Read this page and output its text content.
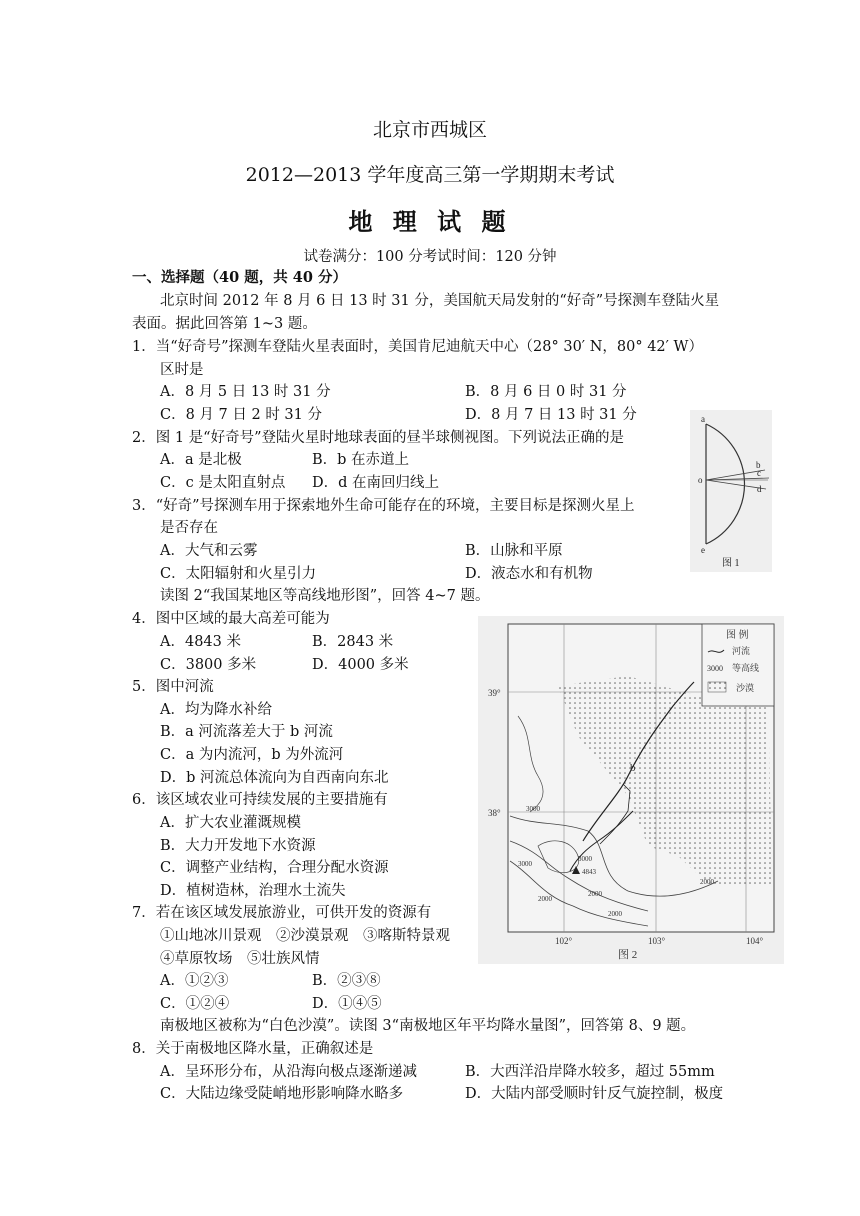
北京市西城区
2012—2013 学年度高三第一学期期末考试
地 理 试 题
试卷满分：100 分考试时间：120 分钟
一、选择题（40 题，共 40 分）
北京时间 2012 年 8 月 6 日 13 时 31 分，美国航天局发射的“好奇”号探测车登陆火星
表面。据此回答第 1~3 题。
1．当“好奇号”探测车登陆火星表面时，美国肯尼迪航天中心（28° 30′ N，80° 42′ W）
区时是
A．8 月 5 日 13 时 31 分	B．8 月 6 日 0 时 31 分
C．8 月 7 日 2 时 31 分	D．8 月 7 日 13 时 31 分
2．图 1 是“好奇号”登陆火星时地球表面的昼半球侧视图。下列说法正确的是
A．a 是北极	B．b 在赤道上
C．c 是太阳直射点 D．d 在南回归线上
3．“好奇”号探测车用于探索地外生命可能存在的环境，主要目标是探测火星上
是否存在
A．大气和云雾	B．山脉和平原
C．太阳辐射和火星引力	D．液态水和有机物
读图 2“我国某地区等高线地形图”，回答 4~7 题。
4．图中区域的最大高差可能为
A．4843 米	B．2843 米
C．3800 多米	D．4000 多米
5．图中河流
A．均为降水补给
B．a 河流落差大于 b 河流
C．a 为内流河，b 为外流河
D．b 河流总体流向为自西南向东北
6．该区域农业可持续发展的主要措施有
A．扩大农业灌溉规模
B．大力开发地下水资源
C．调整产业结构，合理分配水资源
D．植树造林，治理水土流失
7．若在该区域发展旅游业，可供开发的资源有
①山地冰川景观　②沙漠景观　③喀斯特景观
④草原牧场　⑤壮族风情
A．①②③	B．②③⑧
C．①②④	D．①④⑤
南极地区被称为“白色沙漠”。读图 3“南极地区年平均降水量图”，回答第 8、9 题。
8．关于南极地区降水量，正确叙述是
A．呈环形分布，从沿海向极点逐渐递减	B．大西洋沿岸降水较多，超过 55mm
C．大陆边缘受陡峭地形影响降水略多	D．大陆内部受顺时针反气旋控制，极度
a
b
c
d
e
o
图 1
图 例
河流
3000 等高线
沙漠
39°
38°
102°	103°	104°
b
3000
3000
3000
2000
2000
2000
2000
4843
图 2
